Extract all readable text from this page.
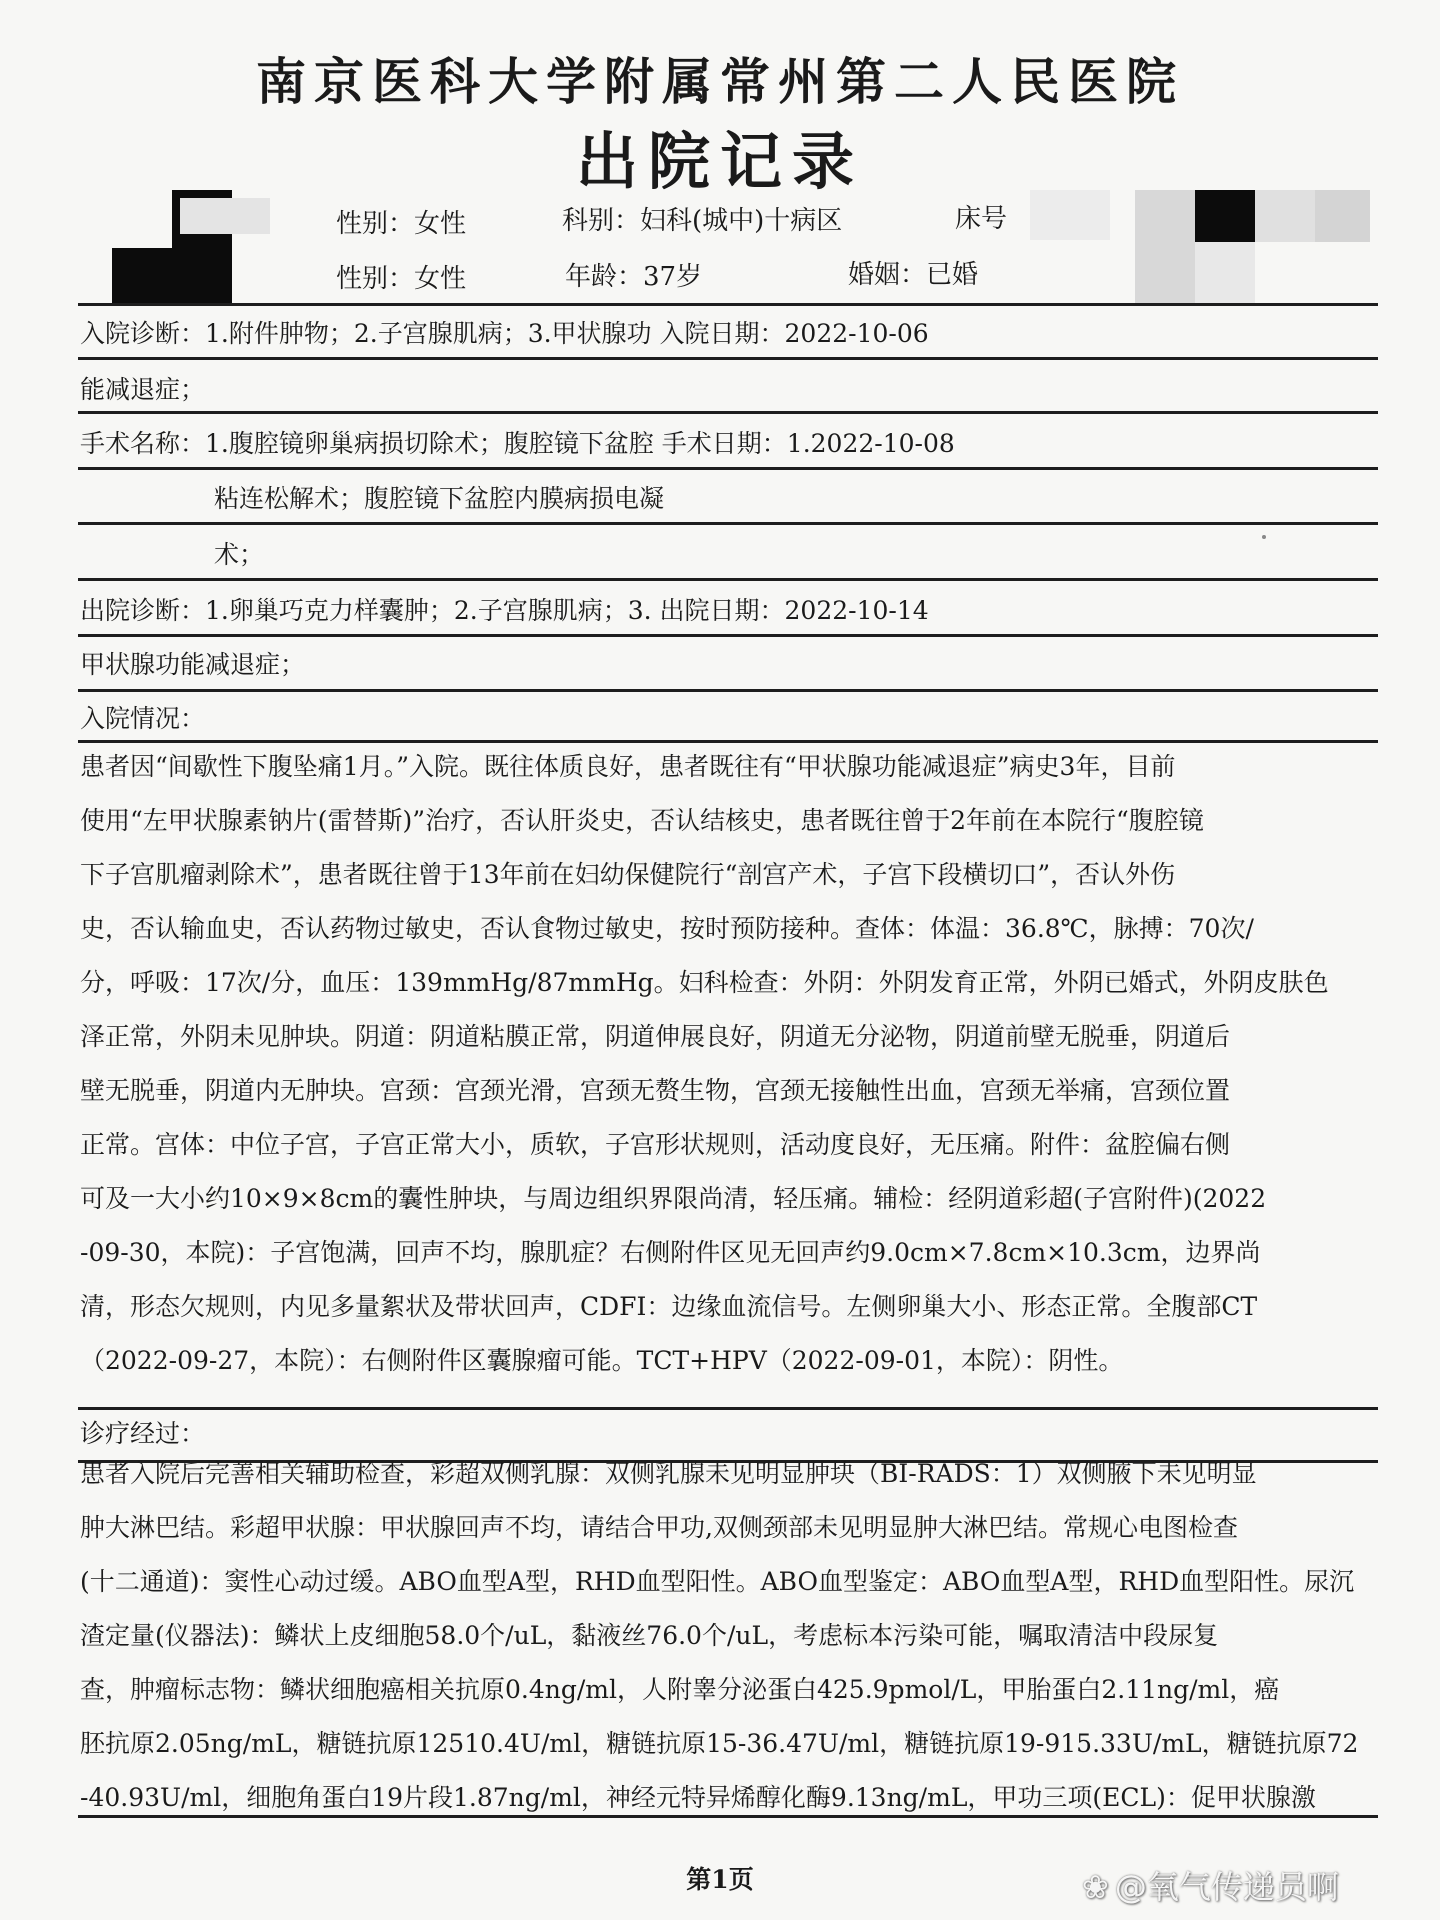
南京医科大学附属常州第二人民医院
出院记录
性别：女性	科别：妇科(城中)十病区	床号
性别：女性	年龄：37岁	婚姻：已婚
入院诊断：1.附件肿物；2.子宫腺肌病；3.甲状腺功 入院日期：2022-10-06
能减退症；
手术名称：1.腹腔镜卵巢病损切除术；腹腔镜下盆腔 手术日期：1.2022-10-08
粘连松解术；腹腔镜下盆腔内膜病损电凝
术；
出院诊断：1.卵巢巧克力样囊肿；2.子宫腺肌病；3. 出院日期：2022-10-14
甲状腺功能减退症；
入院情况：
诊疗经过：
患者因“间歇性下腹坠痛1月。”入院。既往体质良好，患者既往有“甲状腺功能减退症”病史3年，目前
使用“左甲状腺素钠片(雷替斯)”治疗，否认肝炎史，否认结核史，患者既往曾于2年前在本院行“腹腔镜
下子宫肌瘤剥除术”，患者既往曾于13年前在妇幼保健院行“剖宫产术，子宫下段横切口”，否认外伤
史，否认输血史，否认药物过敏史，否认食物过敏史，按时预防接种。查体：体温：36.8℃，脉搏：70次/
分，呼吸：17次/分，血压：139mmHg/87mmHg。妇科检查：外阴：外阴发育正常，外阴已婚式，外阴皮肤色
泽正常，外阴未见肿块。阴道：阴道粘膜正常，阴道伸展良好，阴道无分泌物，阴道前壁无脱垂，阴道后
壁无脱垂，阴道内无肿块。宫颈：宫颈光滑，宫颈无赘生物，宫颈无接触性出血，宫颈无举痛，宫颈位置
正常。宫体：中位子宫，子宫正常大小，质软，子宫形状规则，活动度良好，无压痛。附件：盆腔偏右侧
可及一大小约10×9×8cm的囊性肿块，与周边组织界限尚清，轻压痛。辅检：经阴道彩超(子宫附件)(2022
-09-30，本院)：子宫饱满，回声不均，腺肌症？右侧附件区见无回声约9.0cm×7.8cm×10.3cm，边界尚
清，形态欠规则，内见多量絮状及带状回声，CDFI：边缘血流信号。左侧卵巢大小、形态正常。全腹部CT
（2022-09-27，本院）：右侧附件区囊腺瘤可能。TCT+HPV（2022-09-01，本院）：阴性。
患者入院后完善相关辅助检查，彩超双侧乳腺：双侧乳腺未见明显肿块（BI-RADS：1）双侧腋下未见明显
肿大淋巴结。彩超甲状腺：甲状腺回声不均，请结合甲功,双侧颈部未见明显肿大淋巴结。常规心电图检查
(十二通道)：窦性心动过缓。ABO血型A型，RHD血型阳性。ABO血型鉴定：ABO血型A型，RHD血型阳性。尿沉
渣定量(仪器法)：鳞状上皮细胞58.0个/uL，黏液丝76.0个/uL，考虑标本污染可能，嘱取清洁中段尿复
查，肿瘤标志物：鳞状细胞癌相关抗原0.4ng/ml，人附睾分泌蛋白425.9pmol/L，甲胎蛋白2.11ng/ml，癌
胚抗原2.05ng/mL，糖链抗原12510.4U/ml，糖链抗原15-36.47U/ml，糖链抗原19-915.33U/mL，糖链抗原72
-40.93U/ml，细胞角蛋白19片段1.87ng/ml，神经元特异烯醇化酶9.13ng/mL，甲功三项(ECL)：促甲状腺激
第1页	❀ @氧气传递员啊
